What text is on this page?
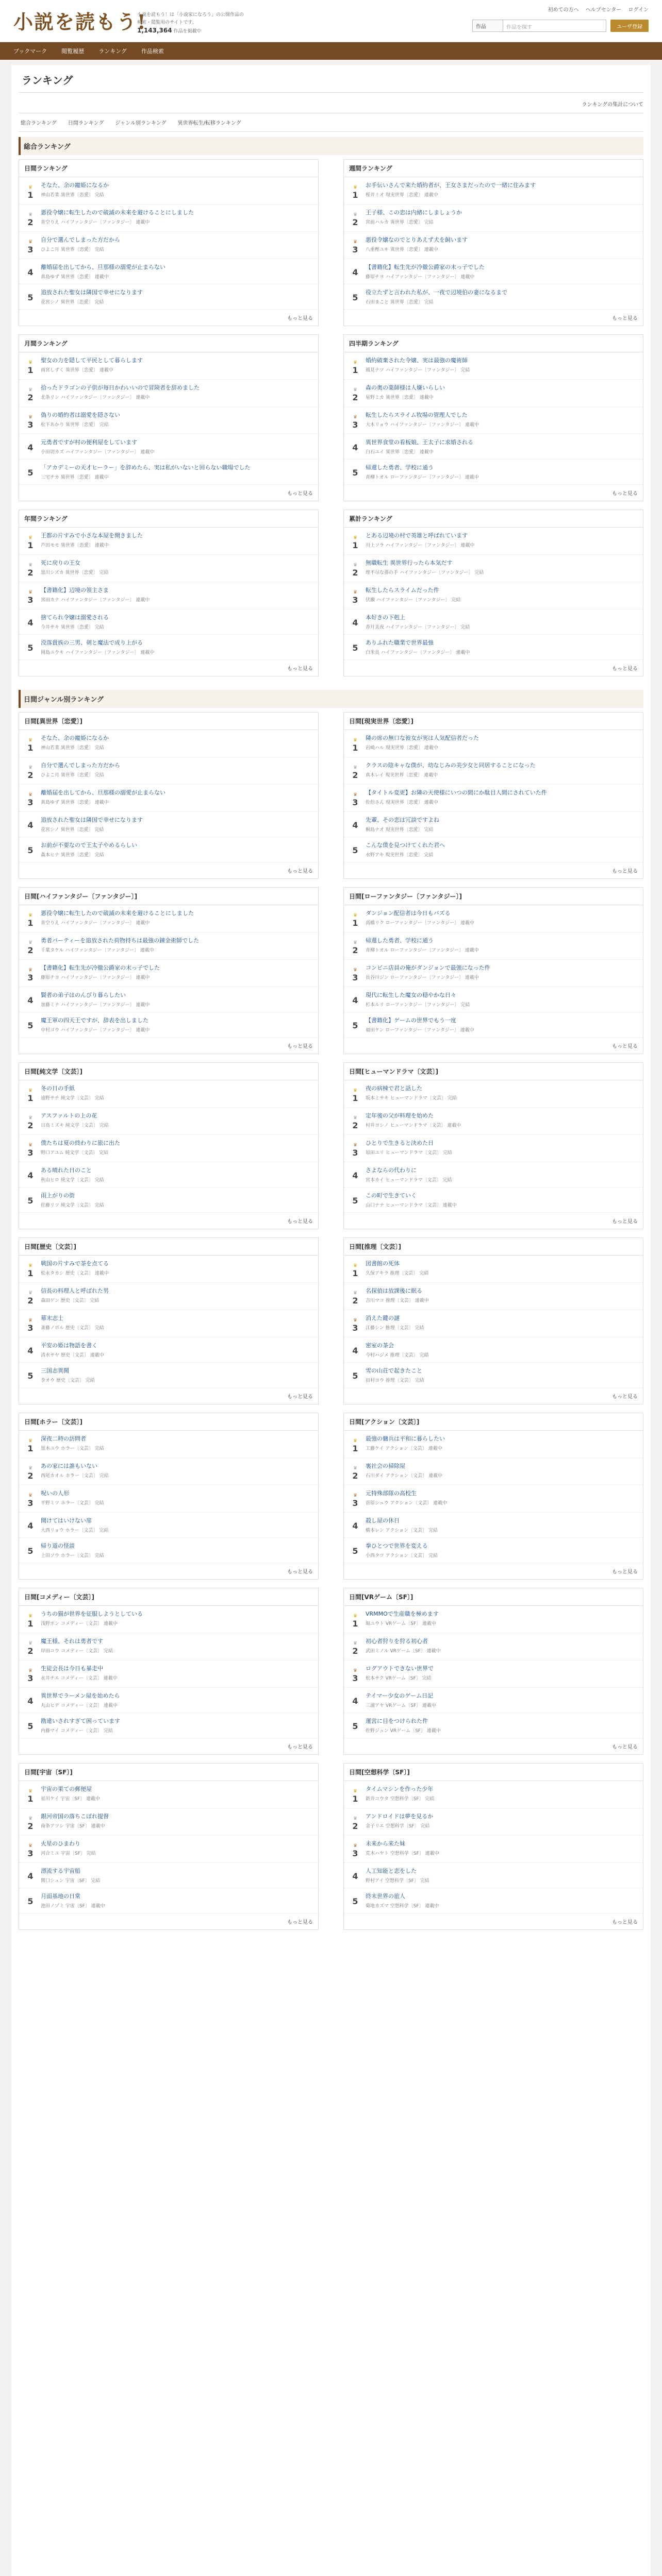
小説を読もう!
小説を読もう！は「小説家になろう」の公開作品の
検索・閲覧用のサイトです。
1,143,364 作品を掲載中
初めての方へ ヘルプセンター ログイン
作品	作品を探す	ユーザ登録
ブックマーク	閲覧履歴	ランキング	作品検索
ランキング
ランキングの集計について
総合ランキング 日間ランキング ジャンル別ランキング 異世界転生/転移ランキング
総合ランキング
日間ランキング
♛
1
そなた、余の寵姫になるか
神山若菜 異世界〔恋愛〕 完結
♛
2
悪役令嬢に転生したので破滅の未来を避けることにしました
青空りえ ハイファンタジー〔ファンタジー〕 連載中
♛
3
自分で選んでしまった方だから
ひよこ月 異世界〔恋愛〕 完結
4
離婚届を出してから、旦那様の溺愛が止まらない
真島ゆず 異世界〔恋愛〕 連載中
5
追放された聖女は隣国で幸せになります
花宮シノ 異世界〔恋愛〕 完結
もっと見る
週間ランキング
♛
1
お手伝いさんで来た婚約者が、王女さまだったので一緒に住みます
桜井ミオ 現実世界〔恋愛〕 連載中
♛
2
王子様、この恋は内緒にしましょうか
宮前ハルカ 異世界〔恋愛〕 完結
♛
3
悪役令嬢なのでとりあえず犬を飼います
八重樫ユキ 異世界〔恋愛〕 連載中
4
【書籍化】転生先が冷徹公爵家の末っ子でした
藤原チヨ ハイファンタジー〔ファンタジー〕 連載中
5
役立たずと言われた私が、一夜で辺境伯の妻になるまで
石田まこと 異世界〔恋愛〕 完結
もっと見る
月間ランキング
♛
1
聖女の力を隠して平民として暮らします
雨宮しずく 異世界〔恋愛〕 連載中
♛
2
拾ったドラゴンの子供が毎日かわいいので冒険者を辞めました
北条リン ハイファンタジー〔ファンタジー〕 連載中
♛
3
偽りの婚約者は溺愛を隠さない
松下あかり 異世界〔恋愛〕 完結
4
元勇者ですが村の便利屋をしています
小田切カズ ハイファンタジー〔ファンタジー〕 連載中
5
「アカデミーの天才ヒーラー」を辞めたら、実は私がいないと回らない職場でした
三宅チカ 異世界〔恋愛〕 連載中
もっと見る
四半期ランキング
♛
1
婚約破棄された令嬢、実は最強の魔術師
風見ナツ ハイファンタジー〔ファンタジー〕 完結
♛
2
森の奥の薬師様は人嫌いらしい
星野ミカ 異世界〔恋愛〕 連載中
♛
3
転生したらスライム牧場の管理人でした
大木リョウ ハイファンタジー〔ファンタジー〕 連載中
4
異世界食堂の看板娘、王太子に求婚される
白石ユイ 異世界〔恋愛〕 連載中
5
帰還した勇者、学校に通う
青柳トオル ローファンタジー〔ファンタジー〕 連載中
もっと見る
年間ランキング
♛
1
王都の片すみで小さな本屋を開きました
芦田モモ 異世界〔恋愛〕 連載中
♛
2
死に戻りの王女
黒川シズカ 異世界〔恋愛〕 完結
♛
3
【書籍化】辺境の領主さま
宮田カナ ハイファンタジー〔ファンタジー〕 連載中
4
捨てられ令嬢は溺愛される
今井サキ 異世界〔恋愛〕 完結
5
没落貴族の三男、剣と魔法で成り上がる
岡島ユウキ ハイファンタジー〔ファンタジー〕 連載中
もっと見る
累計ランキング
♛
1
とある辺境の村で英雄と呼ばれています
川上ソラ ハイファンタジー〔ファンタジー〕 連載中
♛
2
無職転生 異世界行ったら本気だす
理不尽な孫の手 ハイファンタジー〔ファンタジー〕 完結
♛
3
転生したらスライムだった件
伏瀬 ハイファンタジー〔ファンタジー〕 完結
4
本好きの下剋上
香月美夜 ハイファンタジー〔ファンタジー〕 完結
5
ありふれた職業で世界最強
白米良 ハイファンタジー〔ファンタジー〕 連載中
もっと見る
日間ジャンル別ランキング
日間[異世界〔恋愛〕]
♛
1
そなた、余の寵姫になるか
神山若菜 異世界〔恋愛〕 完結
♛
2
自分で選んでしまった方だから
ひよこ月 異世界〔恋愛〕 完結
♛
3
離婚届を出してから、旦那様の溺愛が止まらない
真島ゆず 異世界〔恋愛〕 連載中
4
追放された聖女は隣国で幸せになります
花宮シノ 異世界〔恋愛〕 完結
5
お前が不要なので王太子やめるらしい
森本ヒナ 異世界〔恋愛〕 完結
もっと見る
日間[現実世界〔恋愛〕]
♛
1
隣の席の無口な彼女が実は人気配信者だった
岩崎ハル 現実世界〔恋愛〕 連載中
♛
2
クラスの陰キャな僕が、幼なじみの美少女と同居することになった
真木レイ 現実世界〔恋愛〕 連載中
♛
3
【タイトル変更】お隣の天使様にいつの間にか駄目人間にされていた件
佐伯さん 現実世界〔恋愛〕 連載中
4
先輩、その恋は冗談ですよね
桐島ナオ 現実世界〔恋愛〕 完結
5
こんな僕を見つけてくれた君へ
水野アキ 現実世界〔恋愛〕 完結
もっと見る
日間[ハイファンタジー〔ファンタジー〕]
♛
1
悪役令嬢に転生したので破滅の未来を避けることにしました
青空りえ ハイファンタジー〔ファンタジー〕 連載中
♛
2
勇者パーティーを追放された荷物持ちは最強の錬金術師でした
千葉タケル ハイファンタジー〔ファンタジー〕 連載中
♛
3
【書籍化】転生先が冷徹公爵家の末っ子でした
藤原チヨ ハイファンタジー〔ファンタジー〕 連載中
4
賢者の弟子はのんびり暮らしたい
加藤ミナ ハイファンタジー〔ファンタジー〕 連載中
5
魔王軍の四天王ですが、辞表を出しました
中村ゴウ ハイファンタジー〔ファンタジー〕 連載中
もっと見る
日間[ローファンタジー〔ファンタジー〕]
♛
1
ダンジョン配信者は今日もバズる
高橋リク ローファンタジー〔ファンタジー〕 連載中
♛
2
帰還した勇者、学校に通う
青柳トオル ローファンタジー〔ファンタジー〕 連載中
♛
3
コンビニ店員の俺がダンジョンで最強になった件
長谷川ジン ローファンタジー〔ファンタジー〕 連載中
4
現代に転生した魔女の穏やかな日々
杉本ルリ ローファンタジー〔ファンタジー〕 完結
5
【書籍化】ゲームの世界でもう一度
福田ケン ローファンタジー〔ファンタジー〕 連載中
もっと見る
日間[純文学〔文芸〕]
♛
1
冬の日の手紙
遠野サチ 純文学〔文芸〕 完結
♛
2
アスファルトの上の花
日高ミズキ 純文学〔文芸〕 完結
♛
3
僕たちは夏の終わりに旅に出た
野口アユム 純文学〔文芸〕 完結
4
ある晴れた日のこと
秋山ヒロ 純文学〔文芸〕 完結
5
雨上がりの街
佐藤リツ 純文学〔文芸〕 完結
もっと見る
日間[ヒューマンドラマ〔文芸〕]
♛
1
夜の病棟で君と話した
坂本ミサキ ヒューマンドラマ〔文芸〕 完結
♛
2
定年後の父が料理を始めた
村井ヨシノ ヒューマンドラマ〔文芸〕 連載中
♛
3
ひとりで生きると決めた日
原田ユリ ヒューマンドラマ〔文芸〕 完結
4
さよならの代わりに
宮本カイ ヒューマンドラマ〔文芸〕 完結
5
この町で生きていく
山口ナナ ヒューマンドラマ〔文芸〕 連載中
もっと見る
日間[歴史〔文芸〕]
♛
1
戦国の片すみで茶を点てる
松永タカシ 歴史〔文芸〕 連載中
♛
2
信長の料理人と呼ばれた男
森田ゲン 歴史〔文芸〕 完結
♛
3
幕末志士
斎藤ノボル 歴史〔文芸〕 完結
4
平安の姫は物語を書く
清水サヤ 歴史〔文芸〕 連載中
5
三国志異聞
李オウ 歴史〔文芸〕 完結
もっと見る
日間[推理〔文芸〕]
♛
1
図書館の死体
久保アキラ 推理〔文芸〕 完結
♛
2
名探偵は放課後に眠る
吉川マコ 推理〔文芸〕 連載中
♛
3
消えた鍵の謎
江藤シン 推理〔文芸〕 完結
4
密室の茶会
今村ハジメ 推理〔文芸〕 完結
5
雪の山荘で起きたこと
田村ヨウ 推理〔文芸〕 完結
もっと見る
日間[ホラー〔文芸〕]
♛
1
深夜二時の訪問者
黒木ユウ ホラー〔文芸〕 完結
♛
2
あの家には誰もいない
西尾カオル ホラー〔文芸〕 完結
♛
3
呪いの人形
平野ミツ ホラー〔文芸〕 完結
4
開けてはいけない扉
大西リョウ ホラー〔文芸〕 完結
5
帰り道の怪談
上田ソウ ホラー〔文芸〕 完結
もっと見る
日間[アクション〔文芸〕]
♛
1
最強の傭兵は平和に暮らしたい
工藤ケイ アクション〔文芸〕 連載中
♛
2
裏社会の掃除屋
石川ダイ アクション〔文芸〕 連載中
♛
3
元特殊部隊の高校生
菅原シュウ アクション〔文芸〕 連載中
4
殺し屋の休日
橋本レン アクション〔文芸〕 完結
5
拳ひとつで世界を変える
小西タツ アクション〔文芸〕 完結
もっと見る
日間[コメディー〔文芸〕]
♛
1
うちの猫が世界を征服しようとしている
浅野ポン コメディー〔文芸〕 連載中
♛
2
魔王様、それは勇者です
岸田コウ コメディー〔文芸〕 完結
♛
3
生徒会長は今日も暴走中
永井チエ コメディー〔文芸〕 連載中
4
異世界でラーメン屋を始めたら
丸山ヒデ コメディー〔文芸〕 連載中
5
勘違いされすぎて困っています
内藤マイ コメディー〔文芸〕 完結
もっと見る
日間[VRゲーム〔SF〕]
♛
1
VRMMOで生産職を極めます
堀ユウト VRゲーム〔SF〕 連載中
♛
2
初心者狩りを狩る初心者
武田ミノル VRゲーム〔SF〕 連載中
♛
3
ログアウトできない世界で
松本サク VRゲーム〔SF〕 完結
4
テイマー少女のゲーム日記
三浦アヤ VRゲーム〔SF〕 連載中
5
運営に目をつけられた件
佐野ジュン VRゲーム〔SF〕 連載中
もっと見る
日間[宇宙〔SF〕]
♛
1
宇宙の果ての郵便屋
星川ケイ 宇宙〔SF〕 連載中
♛
2
銀河帝国の落ちこぼれ提督
南条アツシ 宇宙〔SF〕 連載中
♛
3
火星のひまわり
河合ミユ 宇宙〔SF〕 完結
4
漂流する宇宙船
関口シュン 宇宙〔SF〕 完結
5
月面基地の日常
池田ノゾミ 宇宙〔SF〕 連載中
もっと見る
日間[空想科学〔SF〕]
♛
1
タイムマシンを作った少年
新井コウタ 空想科学〔SF〕 完結
♛
2
アンドロイドは夢を見るか
金子リエ 空想科学〔SF〕 完結
♛
3
未来から来た妹
荒木ハヤト 空想科学〔SF〕 連載中
4
人工知能と恋をした
野村アイ 空想科学〔SF〕 完結
5
終末世界の旅人
菊地カズマ 空想科学〔SF〕 連載中
もっと見る
